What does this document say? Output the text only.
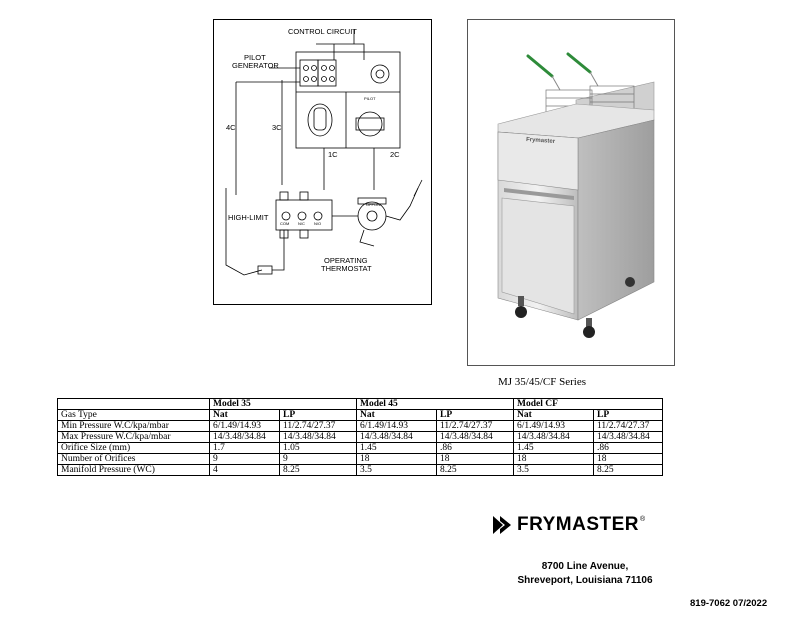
CONTROL CIRCUIT
PILOT
GENERATOR
4C	3C
1C	2C
HIGH-LIMIT
OPERATING
THERMOSTAT
COM N/C N/O
PILOT
OFF ON
Frymaster
MJ 35/45/CF Series
	Model 35		Model 45		Model CF	
Gas Type	Nat	LP	Nat	LP	Nat	LP
Min Pressure W.C/kpa/mbar	6/1.49/14.93	11/2.74/27.37	6/1.49/14.93	11/2.74/27.37	6/1.49/14.93	11/2.74/27.37
Max Pressure W.C/kpa/mbar	14/3.48/34.84	14/3.48/34.84	14/3.48/34.84	14/3.48/34.84	14/3.48/34.84	14/3.48/34.84
Orifice Size (mm)	1.7	1.05	1.45	.86	1.45	.86
Number of Orifices	9	9	18	18	18	18
Manifold Pressure (WC)	4	8.25	3.5	8.25	3.5	8.25
FRYMASTER ®
8700 Line Avenue,
Shreveport, Louisiana 71106
819-7062 07/2022
